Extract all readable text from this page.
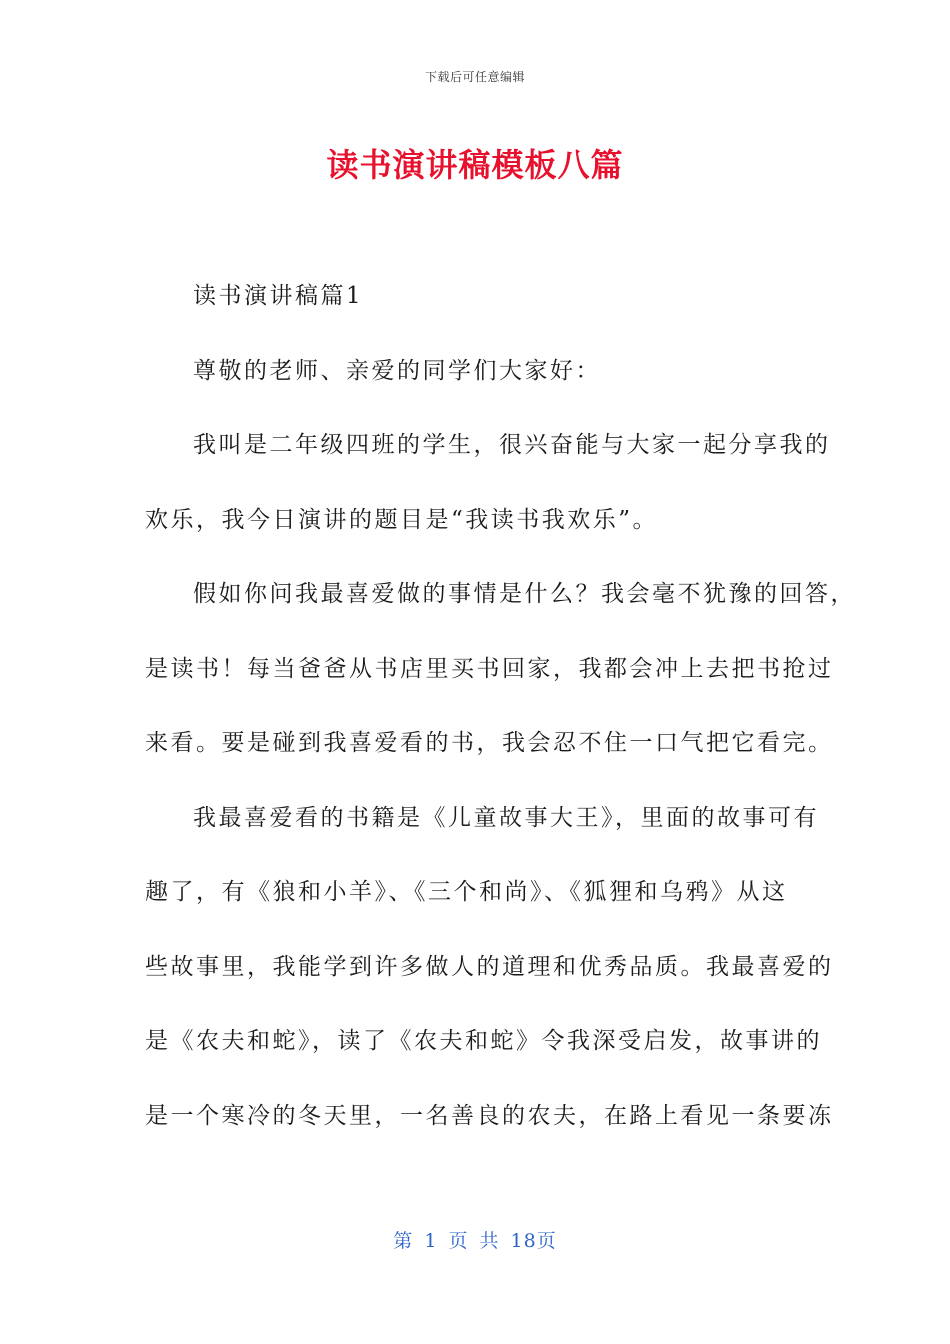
下载后可任意编辑
读书演讲稿模板八篇
读书演讲稿篇1
尊敬的老师、亲爱的同学们大家好：
我叫是二年级四班的学生，很兴奋能与大家一起分享我的
欢乐，我今日演讲的题目是“我读书我欢乐”。
假如你问我最喜爱做的事情是什么？我会毫不犹豫的回答，
是读书！每当爸爸从书店里买书回家，我都会冲上去把书抢过
来看。要是碰到我喜爱看的书，我会忍不住一口气把它看完。
我最喜爱看的书籍是《儿童故事大王》，里面的故事可有
趣了，有《狼和小羊》、《三个和尚》、《狐狸和乌鸦》从这
些故事里，我能学到许多做人的道理和优秀品质。我最喜爱的
是《农夫和蛇》，读了《农夫和蛇》令我深受启发，故事讲的
是一个寒冷的冬天里，一名善良的农夫，在路上看见一条要冻
第 1 页 共 18页
